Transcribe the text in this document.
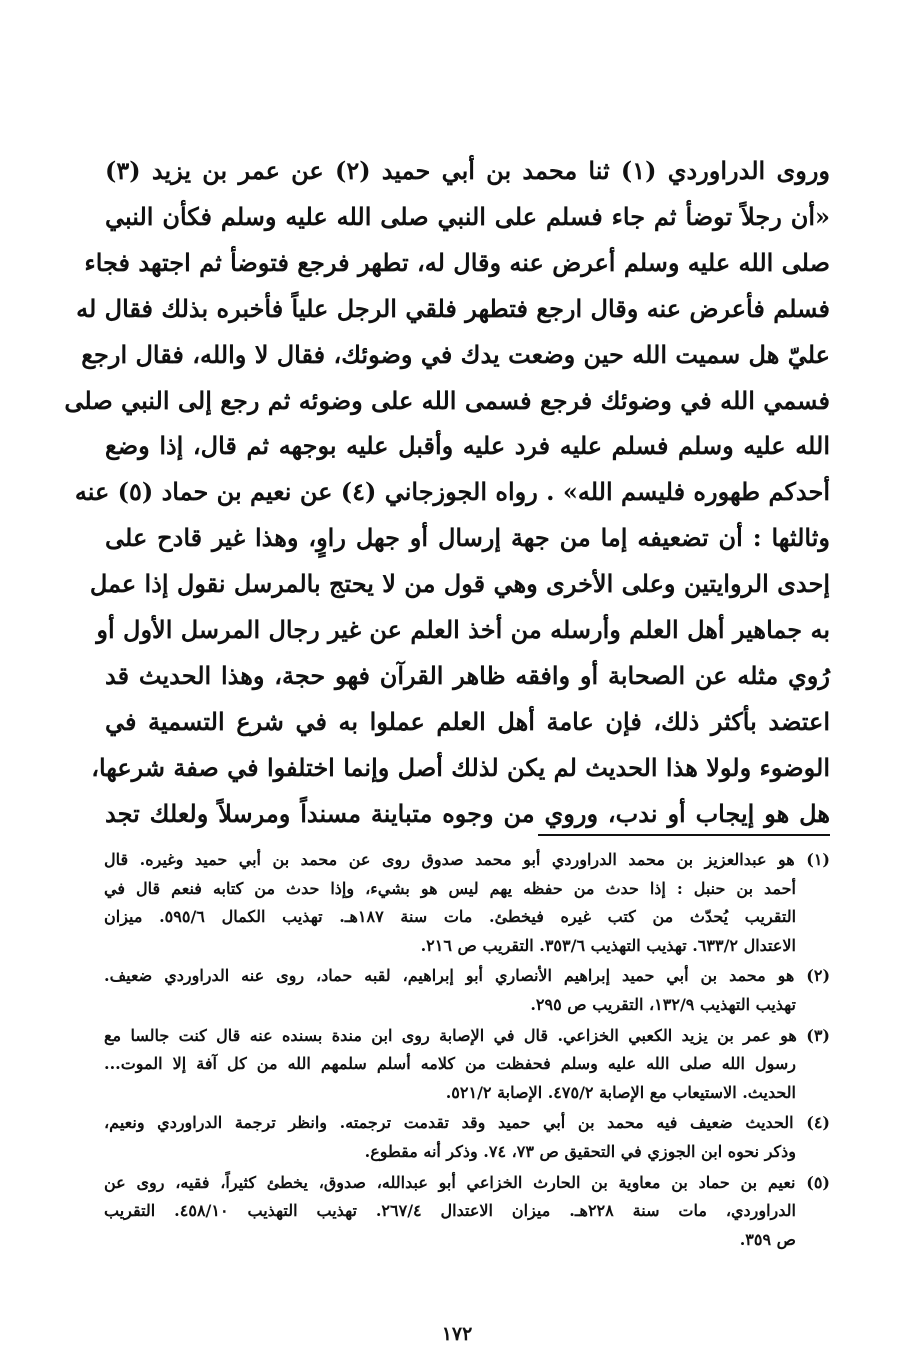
وروى الدراوردي (١) ثنا محمد بن أبي حميد (٢) عن عمر بن يزيد (٣)
«أن رجلاً توضأ ثم جاء فسلم على النبي صلى الله عليه وسلم فكأن النبي
صلى الله عليه وسلم أعرض عنه وقال له، تطهر فرجع فتوضأ ثم اجتهد فجاء
فسلم فأعرض عنه وقال ارجع فتطهر فلقي الرجل علياً فأخبره بذلك فقال له
عليّ هل سميت الله حين وضعت يدك في وضوئك، فقال لا والله، فقال ارجع
فسمي الله في وضوئك فرجع فسمى الله على وضوئه ثم رجع إلى النبي صلى
الله عليه وسلم فسلم عليه فرد عليه وأقبل عليه بوجهه ثم قال، إذا وضع
أحدكم طهوره فليسم الله» . رواه الجوزجاني (٤) عن نعيم بن حماد (٥) عنه
وثالثها : أن تضعيفه إما من جهة إرسال أو جهل راوٍ، وهذا غير قادح على
إحدى الروايتين وعلى الأخرى وهي قول من لا يحتج بالمرسل نقول إذا عمل
به جماهير أهل العلم وأرسله من أخذ العلم عن غير رجال المرسل الأول أو
رُوي مثله عن الصحابة أو وافقه ظاهر القرآن فهو حجة، وهذا الحديث قد
اعتضد بأكثر ذلك، فإن عامة أهل العلم عملوا به في شرع التسمية في
الوضوء ولولا هذا الحديث لم يكن لذلك أصل وإنما اختلفوا في صفة شرعها،
هل هو إيجاب أو ندب، وروي من وجوه متباينة مسنداً ومرسلاً ولعلك تجد
(١) هو عبدالعزيز بن محمد الدراوردي أبو محمد صدوق روى عن محمد بن أبي حميد وغيره. قال
أحمد بن حنبل : إذا حدث من حفظه يهم ليس هو بشيء، وإذا حدث من كتابه فنعم قال في
التقريب يُحدّث من كتب غيره فيخطئ. مات سنة ١٨٧هـ. تهذيب الكمال ٥٩٥/٦. ميزان
الاعتدال ٦٣٣/٢. تهذيب التهذيب ٣٥٣/٦. التقريب ص ٢١٦.
(٢) هو محمد بن أبي حميد إبراهيم الأنصاري أبو إبراهيم، لقبه حماد، روى عنه الدراوردي ضعيف.
تهذيب التهذيب ١٣٢/٩، التقريب ص ٢٩٥.
(٣) هو عمر بن يزيد الكعبي الخزاعي. قال في الإصابة روى ابن مندة بسنده عنه قال كنت جالسا مع
رسول الله صلى الله عليه وسلم فحفظت من كلامه أسلم سلمهم الله من كل آفة إلا الموت...
الحديث. الاستيعاب مع الإصابة ٤٧٥/٢. الإصابة ٥٢١/٢.
(٤) الحديث ضعيف فيه محمد بن أبي حميد وقد تقدمت ترجمته. وانظر ترجمة الدراوردي ونعيم،
وذكر نحوه ابن الجوزي في التحقيق ص ٧٣، ٧٤. وذكر أنه مقطوع.
(٥) نعيم بن حماد بن معاوية بن الحارث الخزاعي أبو عبدالله، صدوق، يخطئ كثيراً، فقيه، روى عن
الدراوردي، مات سنة ٢٢٨هـ. ميزان الاعتدال ٢٦٧/٤. تهذيب التهذيب ٤٥٨/١٠. التقريب
ص ٣٥٩.
١٧٢
